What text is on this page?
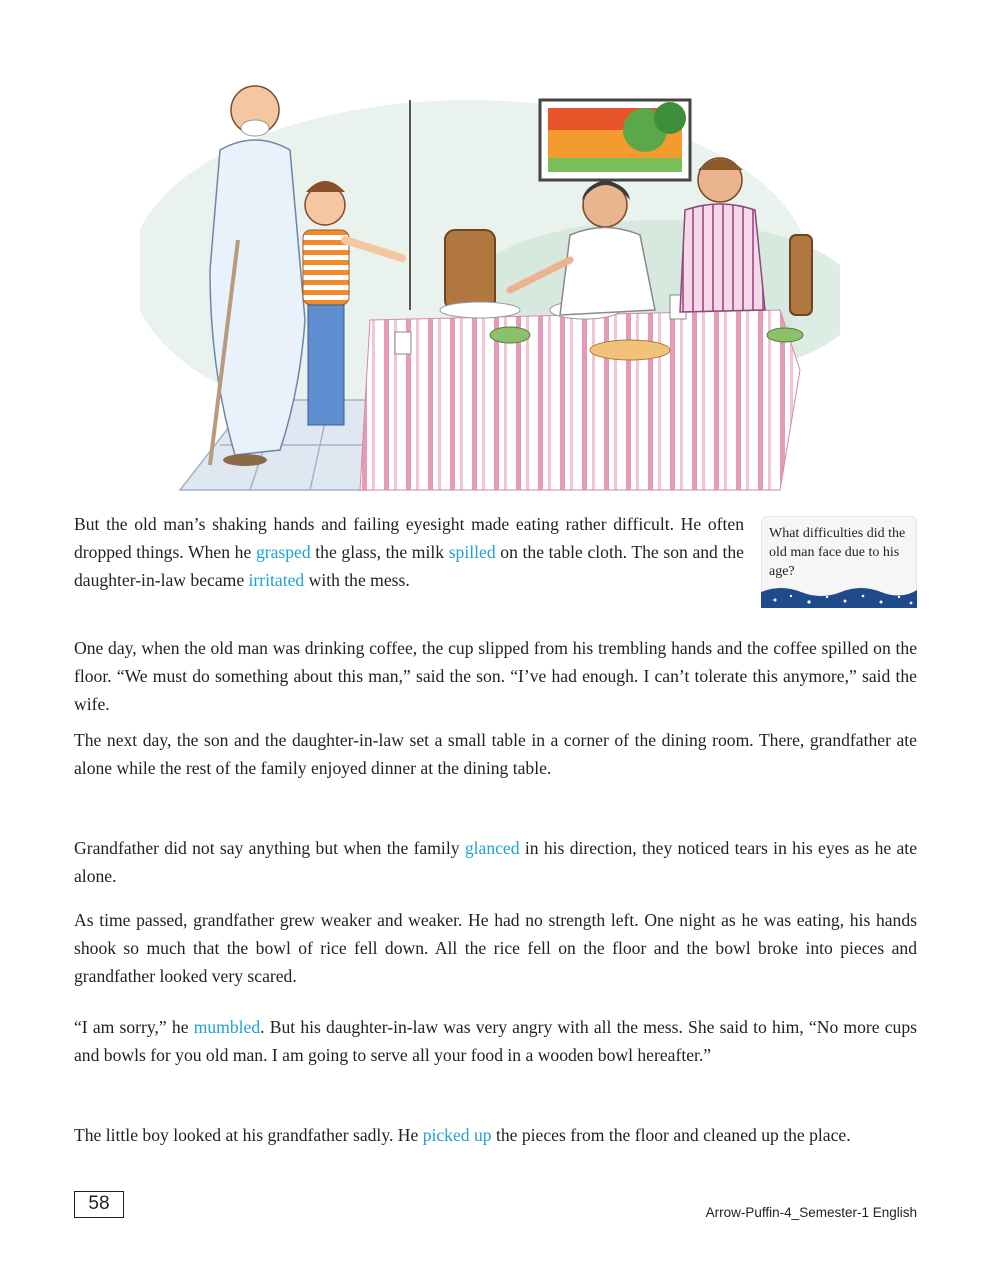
But the old man’s shaking hands and failing eyesight made eating rather difficult. He often dropped things. When he grasped the glass, the milk spilled on the table cloth. The son and the daughter-in-law became irritated with the mess.

One day, when the old man was drinking coffee, the cup slipped from his trembling hands and the coffee spilled on the floor. “We must do something about this man,” said the son. “I’ve had enough. I can’t tolerate this anymore,” said the wife.

The next day, the son and the daughter-in-law set a small table in a corner of the dining room. There, grandfather ate alone while the rest of the family enjoyed dinner at the dining table.

Grandfather did not say anything but when the family glanced in his direction, they noticed tears in his eyes as he ate alone.

As time passed, grandfather grew weaker and weaker. He had no strength left. One night as he was eating, his hands shook so much that the bowl of rice fell down. All the rice fell on the floor and the bowl broke into pieces and grandfather looked very scared.

“I am sorry,” he mumbled. But his daughter-in-law was very angry with all the mess. She said to him, “No more cups and bowls for you old man. I am going to serve all your food in a wooden bowl hereafter.”

The little boy looked at his grandfather sadly. He picked up the pieces from the floor and cleaned up the place.

What difficulties did the old man face due to his age?
58	Arrow-Puffin-4_Semester-1 English
